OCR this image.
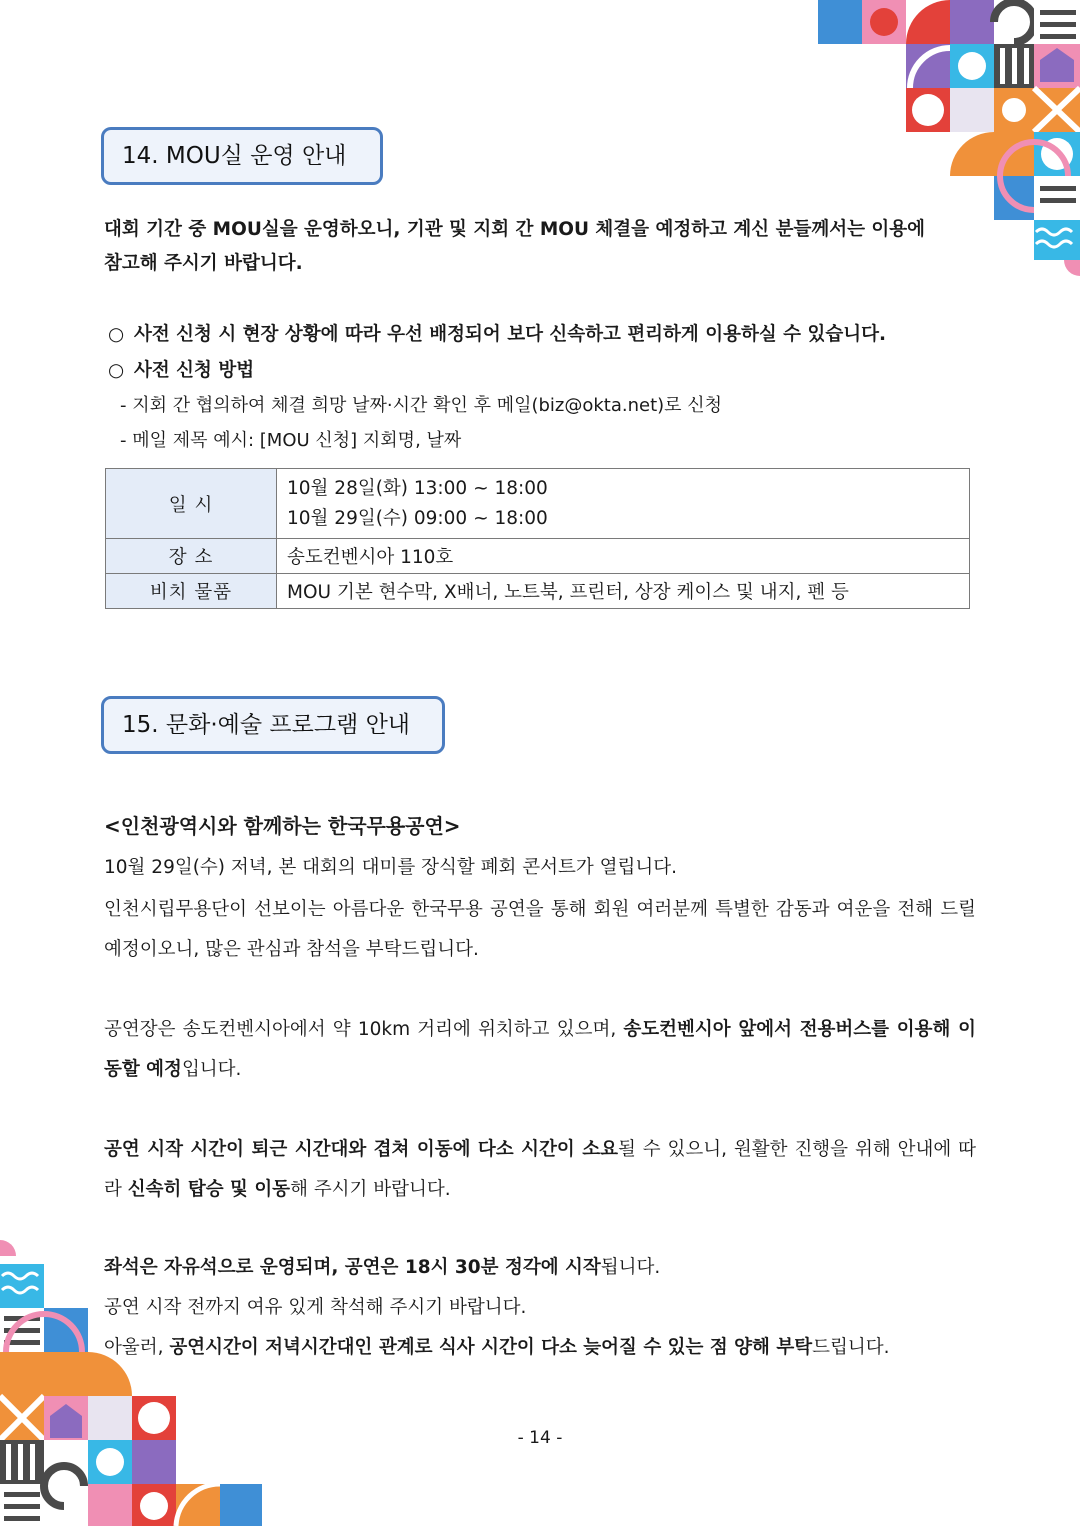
14. MOU실 운영 안내

대회 기간 중 MOU실을 운영하오니, 기관 및 지회 간 MOU 체결을 예정하고 계신 분들께서는 이용에

참고해 주시기 바랍니다.

○ 사전 신청 시 현장 상황에 따라 우선 배정되어 보다 신속하고 편리하게 이용하실 수 있습니다.
○ 사전 신청 방법
- 지회 간 협의하여 체결 희망 날짜·시간 확인 후 메일(biz@okta.net)로 신청
- 메일 제목 예시: [MOU 신청] 지회명, 날짜
일 시	10월 28일(화) 13:00 ~ 18:00
10월 29일(수) 09:00 ~ 18:00

장 소	송도컨벤시아 110호
비치 물품	MOU 기본 현수막, X배너, 노트북, 프린터, 상장 케이스 및 내지, 펜 등
15. 문화·예술 프로그램 안내
<인천광역시와 함께하는 한국무용공연>

10월 29일(수) 저녁, 본 대회의 대미를 장식할 폐회 콘서트가 열립니다.

인천시립무용단이 선보이는 아름다운 한국무용 공연을 통해 회원 여러분께 특별한 감동과 여운을 전해 드릴 예정이오니, 많은 관심과 참석을 부탁드립니다.

공연장은 송도컨벤시아에서 약 10km 거리에 위치하고 있으며, 송도컨벤시아 앞에서 전용버스를 이용해 이동할 예정입니다.

공연 시작 시간이 퇴근 시간대와 겹쳐 이동에 다소 시간이 소요될 수 있으니, 원활한 진행을 위해 안내에 따라 신속히 탑승 및 이동해 주시기 바랍니다.

좌석은 자유석으로 운영되며, 공연은 18시 30분 정각에 시작됩니다.

공연 시작 전까지 여유 있게 착석해 주시기 바랍니다.

아울러, 공연시간이 저녁시간대인 관계로 식사 시간이 다소 늦어질 수 있는 점 양해 부탁드립니다.

- 14 -
